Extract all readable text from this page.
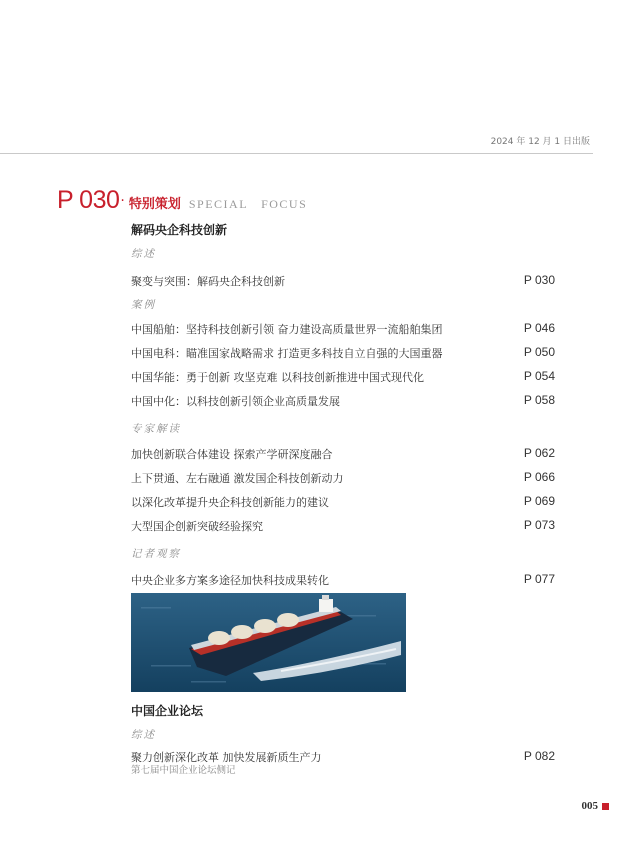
2024 年 12 月 1 日出版
P 030 · 特别策划 SPECIAL　FOCUS
解码央企科技创新
综述
聚变与突围：解码央企科技创新	P 030
案例
中国船舶：坚持科技创新引领 奋力建设高质量世界一流船舶集团	P 046
中国电科：瞄准国家战略需求 打造更多科技自立自强的大国重器	P 050
中国华能：勇于创新 攻坚克难 以科技创新推进中国式现代化	P 054
中国中化：以科技创新引领企业高质量发展	P 058
专家解读
加快创新联合体建设 探索产学研深度融合	P 062
上下贯通、左右融通 激发国企科技创新动力	P 066
以深化改革提升央企科技创新能力的建议	P 069
大型国企创新突破经验探究	P 073
记者观察
中央企业多方案多途径加快科技成果转化	P 077
中国企业论坛
综述
聚力创新深化改革 加快发展新质生产力	P 082
第七届中国企业论坛侧记
005
